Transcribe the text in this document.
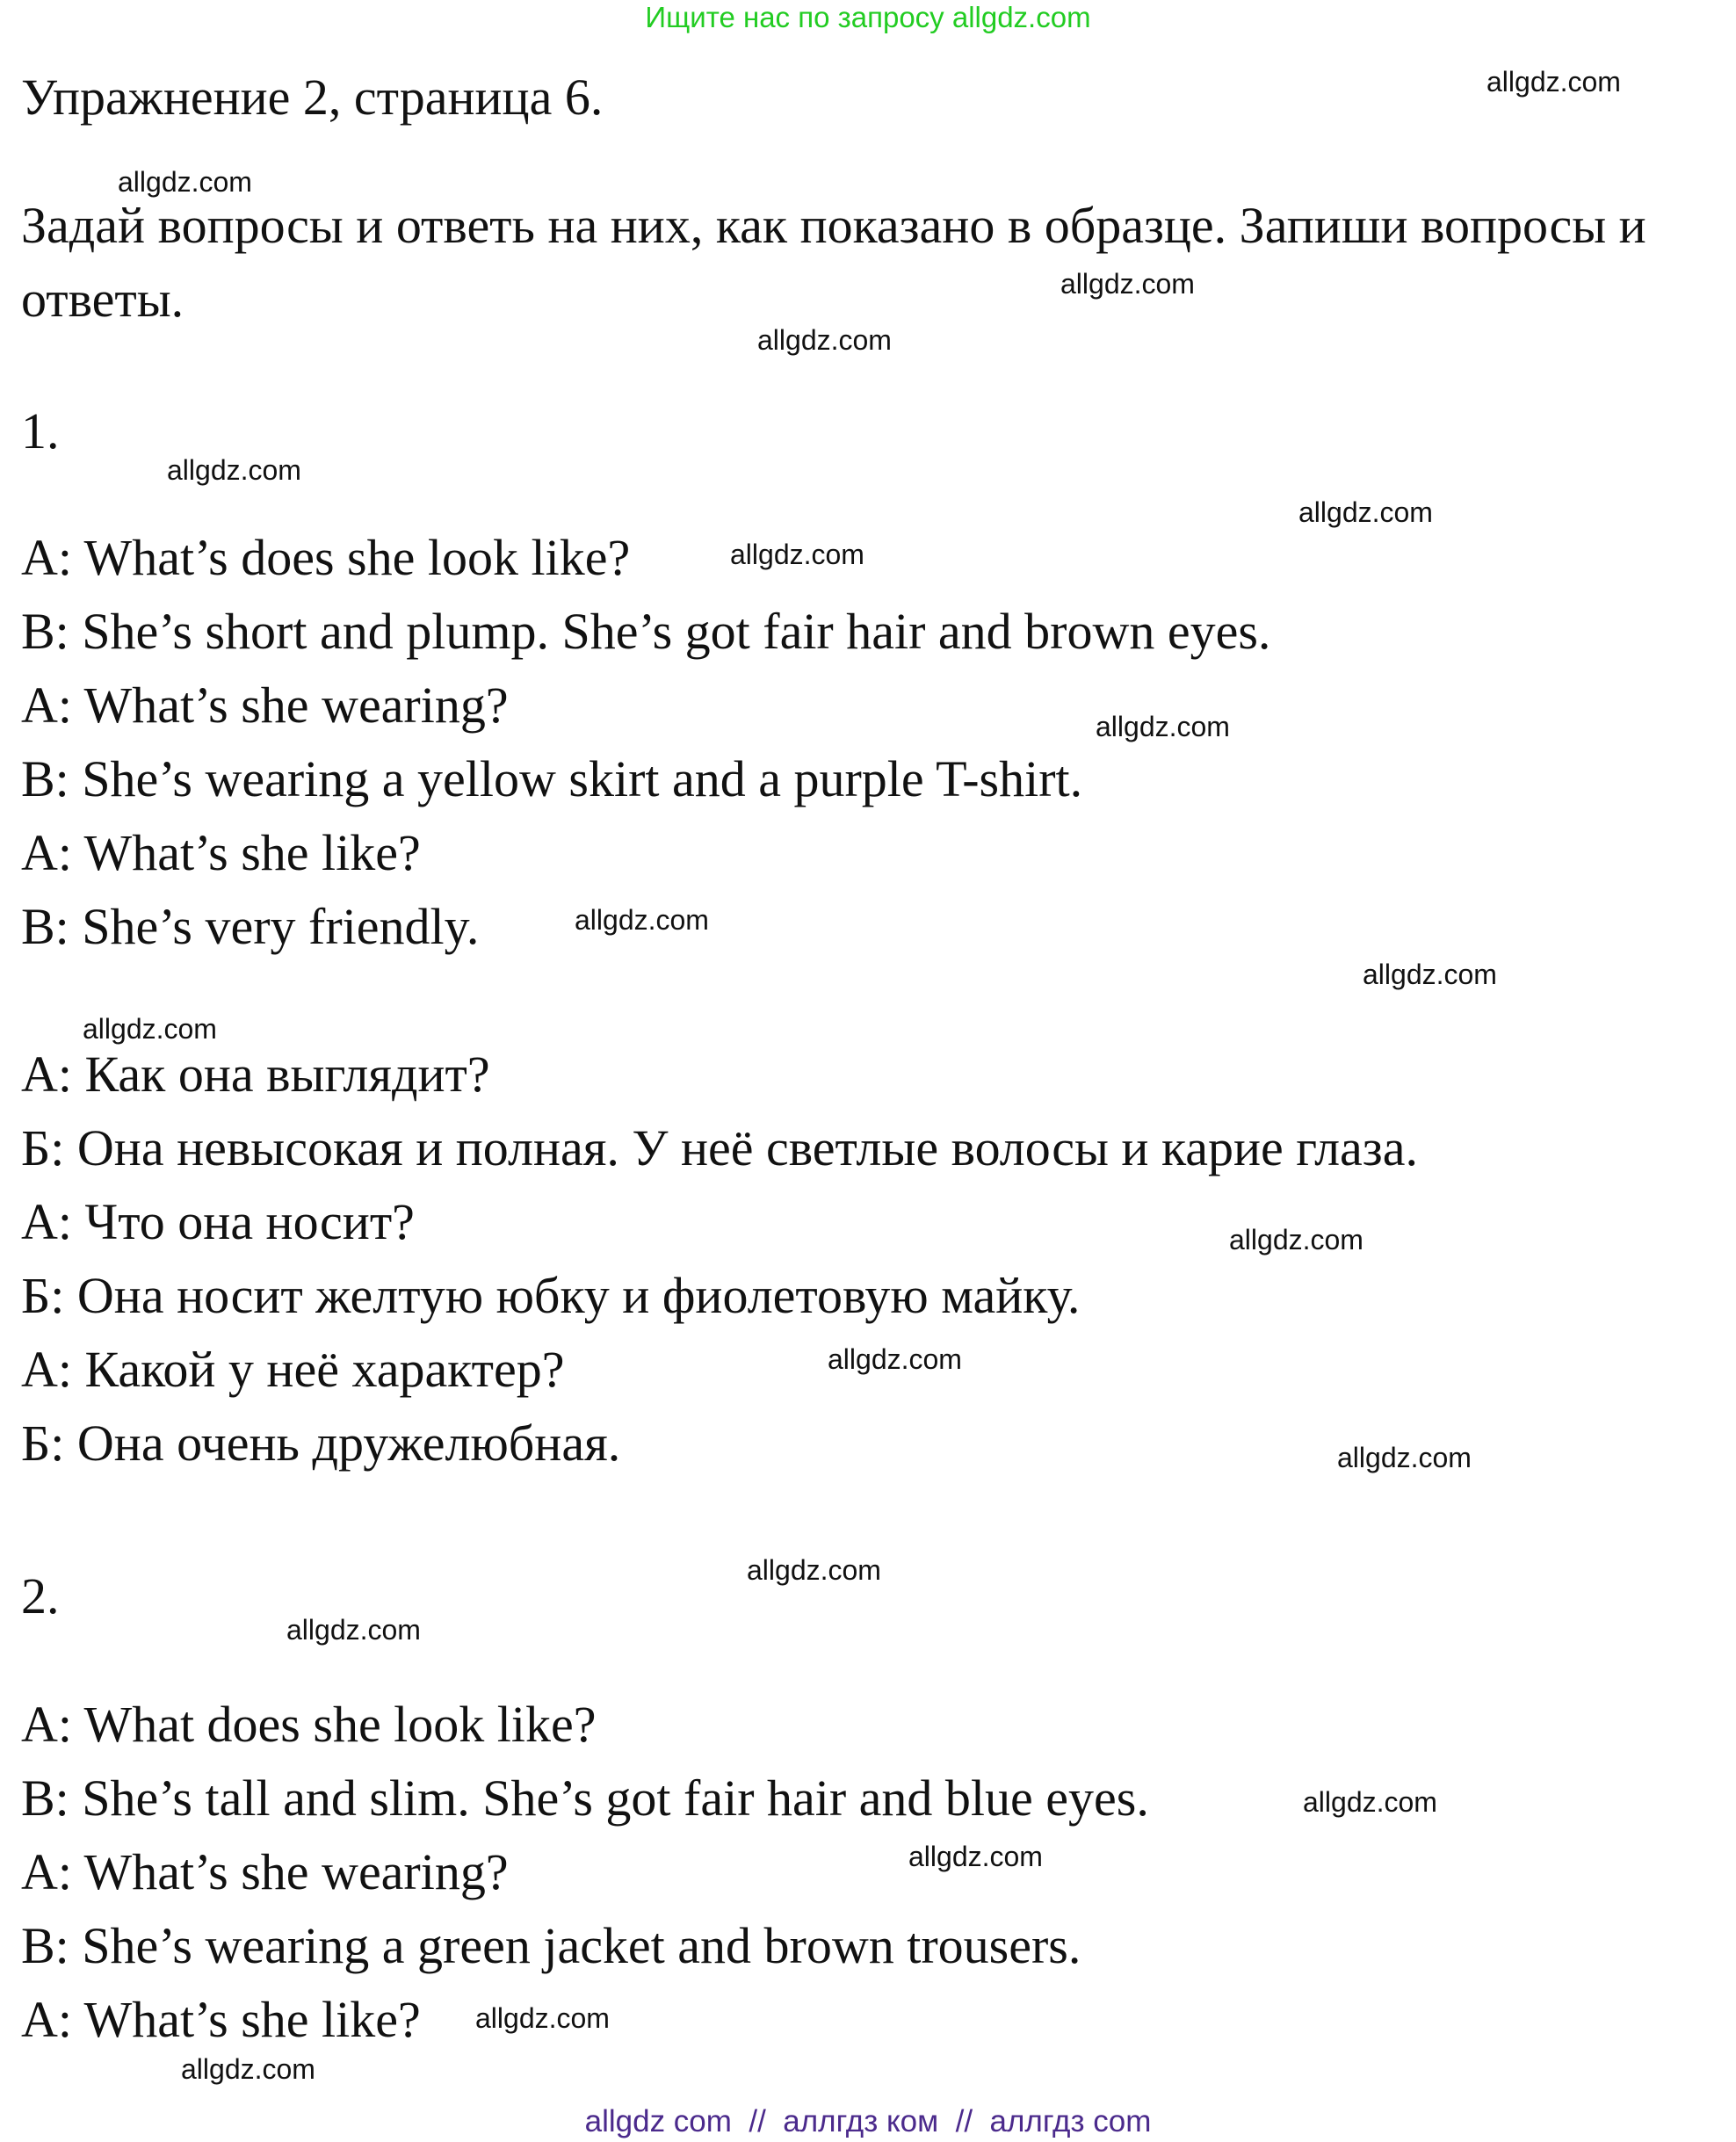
Ищите нас по запросу allgdz.com
Упражнение 2, страница 6.
Задай вопросы и ответь на них, как показано в образце. Запиши вопросы и
ответы.
1.
A: What’s does she look like?
B: She’s short and plump. She’s got fair hair and brown eyes.
A: What’s she wearing?
B: She’s wearing a yellow skirt and a purple T-shirt.
A: What’s she like?
B: She’s very friendly.
А: Как она выглядит?
Б: Она невысокая и полная. У неё светлые волосы и карие глаза.
А: Что она носит?
Б: Она носит желтую юбку и фиолетовую майку.
А: Какой у неё характер?
Б: Она очень дружелюбная.
2.
A: What does she look like?
B: She’s tall and slim. She’s got fair hair and blue eyes.
A: What’s she wearing?
B: She’s wearing a green jacket and brown trousers.
A: What’s she like?
allgdz.com
allgdz.com
allgdz.com
allgdz.com
allgdz.com
allgdz.com
allgdz.com
allgdz.com
allgdz.com
allgdz.com
allgdz.com
allgdz.com
allgdz.com
allgdz.com
allgdz.com
allgdz.com
allgdz.com
allgdz.com
allgdz.com
allgdz.com
allgdz com  //  аллгдз ком  //  аллгдз com
